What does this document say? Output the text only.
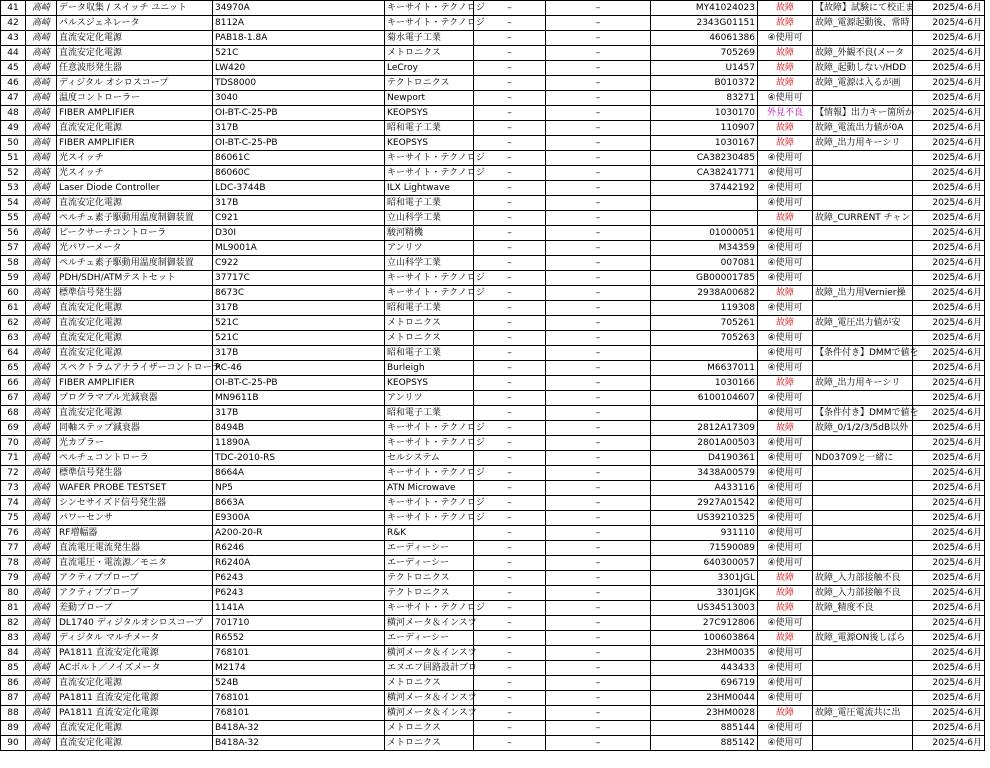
41	高崎	データ収集 / スイッチ ユニット	34970A	キーサイト・テクノロジ	–	–	MY41024023	故障	【故障】試験にて校正ま	2025/4-6月
42	高崎	パルスジェネレータ	8112A	キーサイト・テクノロジ	–	–	2343G01151	故障	故障_電源起動後、常時	2025/4-6月
43	高崎	直流安定化電源	PAB18-1.8A	菊水電子工業	–	–	46061386	④使用可		2025/4-6月
44	高崎	直流安定化電源	521C	メトロニクス	–	–	705269	故障	故障_外観不良(メータ	2025/4-6月
45	高崎	任意波形発生器	LW420	LeCroy	–	–	U1457	故障	故障_起動しない/HDD	2025/4-6月
46	高崎	ディジタル オシロスコープ	TDS8000	テクトロニクス	–	–	B010372	故障	故障_電源は入るが画	2025/4-6月
47	高崎	温度コントローラー	3040	Newport	–	–	83271	④使用可		2025/4-6月
48	高崎	FIBER AMPLIFIER	OI-BT-C-25-PB	KEOPSYS	–	–	1030170	外見不良	【情報】出力キー箇所か	2025/4-6月
49	高崎	直流安定化電源	317B	昭和電子工業	–	–	110907	故障	故障_電流出力値が0A	2025/4-6月
50	高崎	FIBER AMPLIFIER	OI-BT-C-25-PB	KEOPSYS	–	–	1030167	故障	故障_出力用キーシリ	2025/4-6月
51	高崎	光スイッチ	86061C	キーサイト・テクノロジ	–	–	CA38230485	④使用可		2025/4-6月
52	高崎	光スイッチ	86060C	キーサイト・テクノロジ	–	–	CA38241771	④使用可		2025/4-6月
53	高崎	Laser Diode Controller	LDC-3744B	ILX Lightwave	–	–	37442192	④使用可		2025/4-6月
54	高崎	直流安定化電源	317B	昭和電子工業	–	–		④使用可		2025/4-6月
55	高崎	ペルチェ素子駆動用温度制御装置	C921	立山科学工業	–	–		故障	故障_CURRENT チャン	2025/4-6月
56	高崎	ピークサーチコントローラ	D30I	駿河精機	–	–	01000051	④使用可		2025/4-6月
57	高崎	光パワーメータ	ML9001A	アンリツ	–	–	M34359	④使用可		2025/4-6月
58	高崎	ペルチェ素子駆動用温度制御装置	C922	立山科学工業	–	–	007081	④使用可		2025/4-6月
59	高崎	PDH/SDH/ATMテストセット	37717C	キーサイト・テクノロジ	–	–	GB00001785	④使用可		2025/4-6月
60	高崎	標準信号発生器	8673C	キーサイト・テクノロジ	–	–	2938A00682	故障	故障_出力用Vernier操	2025/4-6月
61	高崎	直流安定化電源	317B	昭和電子工業	–	–	119308	④使用可		2025/4-6月
62	高崎	直流安定化電源	521C	メトロニクス	–	–	705261	故障	故障_電圧出力値が安	2025/4-6月
63	高崎	直流安定化電源	521C	メトロニクス	–	–	705263	④使用可		2025/4-6月
64	高崎	直流安定化電源	317B	昭和電子工業	–	–		④使用可	【条件付き】DMMで値を	2025/4-6月
65	高崎	スペクトラムアナライザーコントローラ	RC-46	Burleigh	–	–	M6637011	④使用可		2025/4-6月
66	高崎	FIBER AMPLIFIER	OI-BT-C-25-PB	KEOPSYS	–	–	1030166	故障	故障_出力用キーシリ	2025/4-6月
67	高崎	プログラマブル光減衰器	MN9611B	アンリツ	–	–	6100104607	④使用可		2025/4-6月
68	高崎	直流安定化電源	317B	昭和電子工業	–	–		④使用可	【条件付き】DMMで値を	2025/4-6月
69	高崎	同軸ステップ減衰器	8494B	キーサイト・テクノロジ	–	–	2812A17309	故障	故障_0/1/2/3/5dB以外	2025/4-6月
70	高崎	光カプラー	11890A	キーサイト・テクノロジ	–	–	2801A00503	④使用可		2025/4-6月
71	高崎	ペルチェコントローラ	TDC-2010-RS	セルシステム	–	–	D4190361	④使用可	ND03709と一緒に	2025/4-6月
72	高崎	標準信号発生器	8664A	キーサイト・テクノロジ	–	–	3438A00579	④使用可		2025/4-6月
73	高崎	WAFER PROBE TESTSET	NP5	ATN Microwave	–	–	A433116	④使用可		2025/4-6月
74	高崎	シンセサイズド信号発生器	8663A	キーサイト・テクノロジ	–	–	2927A01542	④使用可		2025/4-6月
75	高崎	パワーセンサ	E9300A	キーサイト・テクノロジ	–	–	US39210325	④使用可		2025/4-6月
76	高崎	RF増幅器	A200-20-R	R&K	–	–	931110	④使用可		2025/4-6月
77	高崎	直流電圧電流発生器	R6246	エーディーシー	–	–	71590089	④使用可		2025/4-6月
78	高崎	直流電圧・電流源／モニタ	R6240A	エーディーシー	–	–	640300057	④使用可		2025/4-6月
79	高崎	アクティブプローブ	P6243	テクトロニクス	–	–	3301JGL	故障	故障_入力部接触不良	2025/4-6月
80	高崎	アクティブプローブ	P6243	テクトロニクス	–	–	3301JGK	故障	故障_入力部接触不良	2025/4-6月
81	高崎	差動プローブ	1141A	キーサイト・テクノロジ	–	–	US34513003	故障	故障_精度不良	2025/4-6月
82	高崎	DL1740 ディジタルオシロスコープ	701710	横河メータ＆インスツ	–	–	27C912806	④使用可		2025/4-6月
83	高崎	ディジタル マルチメータ	R6552	エーディーシー	–	–	100603864	故障	故障_電源ON後しばら	2025/4-6月
84	高崎	PA1811 直流安定化電源	768101	横河メータ＆インスツ	–	–	23HM0035	④使用可		2025/4-6月
85	高崎	ACボルト／ノイズメータ	M2174	エヌエフ回路設計ブロ	–	–	443433	④使用可		2025/4-6月
86	高崎	直流安定化電源	524B	メトロニクス	–	–	696719	④使用可		2025/4-6月
87	高崎	PA1811 直流安定化電源	768101	横河メータ＆インスツ	–	–	23HM0044	④使用可		2025/4-6月
88	高崎	PA1811 直流安定化電源	768101	横河メータ＆インスツ	–	–	23HM0028	故障	故障_電圧電流共に出	2025/4-6月
89	高崎	直流安定化電源	B418A-32	メトロニクス	–	–	885144	④使用可		2025/4-6月
90	高崎	直流安定化電源	B418A-32	メトロニクス	–	–	885142	④使用可		2025/4-6月
